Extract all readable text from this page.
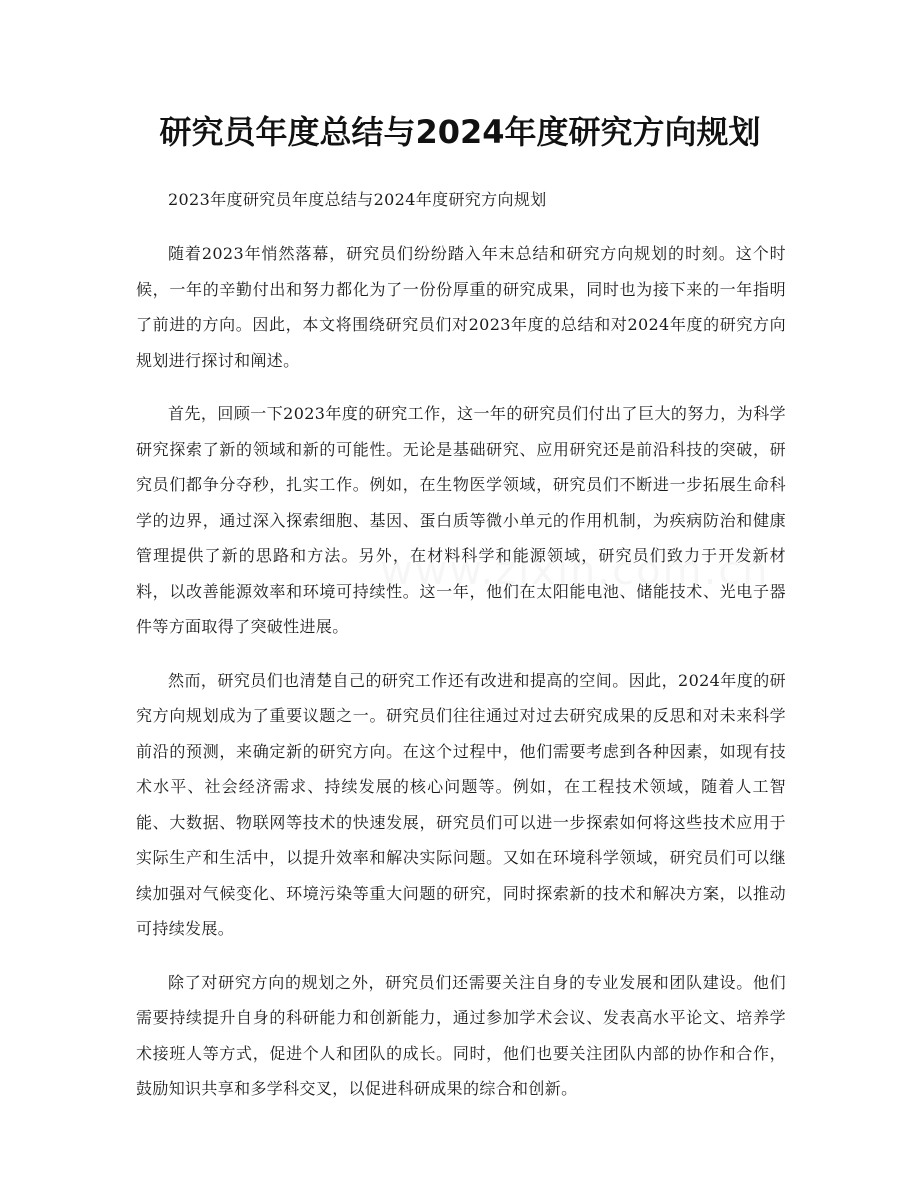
研究员年度总结与2024年度研究方向规划

2023年度研究员年度总结与2024年度研究方向规划

随着2023年悄然落幕，研究员们纷纷踏入年末总结和研究方向规划的时刻。这个时候，一年的辛勤付出和努力都化为了一份份厚重的研究成果，同时也为接下来的一年指明了前进的方向。因此，本文将围绕研究员们对2023年度的总结和对2024年度的研究方向规划进行探讨和阐述。

首先，回顾一下2023年度的研究工作，这一年的研究员们付出了巨大的努力，为科学研究探索了新的领域和新的可能性。无论是基础研究、应用研究还是前沿科技的突破，研究员们都争分夺秒，扎实工作。例如，在生物医学领域，研究员们不断进一步拓展生命科学的边界，通过深入探索细胞、基因、蛋白质等微小单元的作用机制，为疾病防治和健康管理提供了新的思路和方法。另外，在材料科学和能源领域，研究员们致力于开发新材料，以改善能源效率和环境可持续性。这一年，他们在太阳能电池、储能技术、光电子器件等方面取得了突破性进展。

然而，研究员们也清楚自己的研究工作还有改进和提高的空间。因此，2024年度的研究方向规划成为了重要议题之一。研究员们往往通过对过去研究成果的反思和对未来科学前沿的预测，来确定新的研究方向。在这个过程中，他们需要考虑到各种因素，如现有技术水平、社会经济需求、持续发展的核心问题等。例如，在工程技术领域，随着人工智能、大数据、物联网等技术的快速发展，研究员们可以进一步探索如何将这些技术应用于实际生产和生活中，以提升效率和解决实际问题。又如在环境科学领域，研究员们可以继续加强对气候变化、环境污染等重大问题的研究，同时探索新的技术和解决方案，以推动可持续发展。

除了对研究方向的规划之外，研究员们还需要关注自身的专业发展和团队建设。他们需要持续提升自身的科研能力和创新能力，通过参加学术会议、发表高水平论文、培养学术接班人等方式，促进个人和团队的成长。同时，他们也要关注团队内部的协作和合作，鼓励知识共享和多学科交叉，以促进科研成果的综合和创新。
